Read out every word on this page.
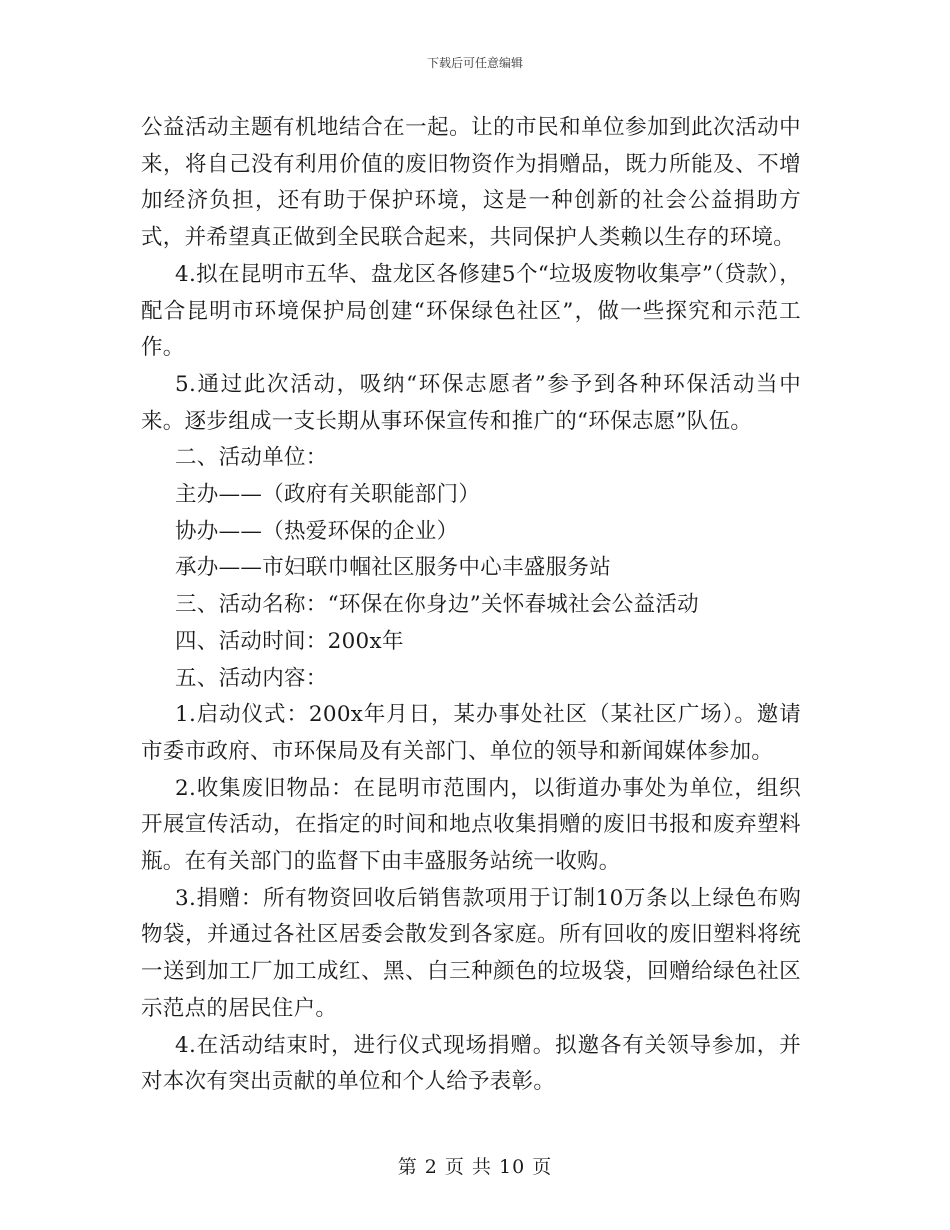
下载后可任意编辑

公益活动主题有机地结合在一起。让的市民和单位参加到此次活动中来，将自己没有利用价值的废旧物资作为捐赠品，既力所能及、不增加经济负担，还有助于保护环境，这是一种创新的社会公益捐助方式，并希望真正做到全民联合起来，共同保护人类赖以生存的环境。

4.拟在昆明市五华、盘龙区各修建5个“垃圾废物收集亭”（贷款），配合昆明市环境保护局创建“环保绿色社区”，做一些探究和示范工作。

5.通过此次活动，吸纳“环保志愿者”参予到各种环保活动当中来。逐步组成一支长期从事环保宣传和推广的“环保志愿”队伍。

二、活动单位：

主办——（政府有关职能部门）

协办——（热爱环保的企业）

承办——市妇联巾帼社区服务中心丰盛服务站

三、活动名称：“环保在你身边”关怀春城社会公益活动

四、活动时间：200x年

五、活动内容：

1.启动仪式：200x年月日，某办事处社区（某社区广场）。邀请市委市政府、市环保局及有关部门、单位的领导和新闻媒体参加。

2.收集废旧物品：在昆明市范围内，以街道办事处为单位，组织开展宣传活动，在指定的时间和地点收集捐赠的废旧书报和废弃塑料瓶。在有关部门的监督下由丰盛服务站统一收购。

3.捐赠：所有物资回收后销售款项用于订制10万条以上绿色布购物袋，并通过各社区居委会散发到各家庭。所有回收的废旧塑料将统一送到加工厂加工成红、黑、白三种颜色的垃圾袋，回赠给绿色社区示范点的居民住户。

4.在活动结束时，进行仪式现场捐赠。拟邀各有关领导参加，并对本次有突出贡献的单位和个人给予表彰。

第 2 页 共 10 页
